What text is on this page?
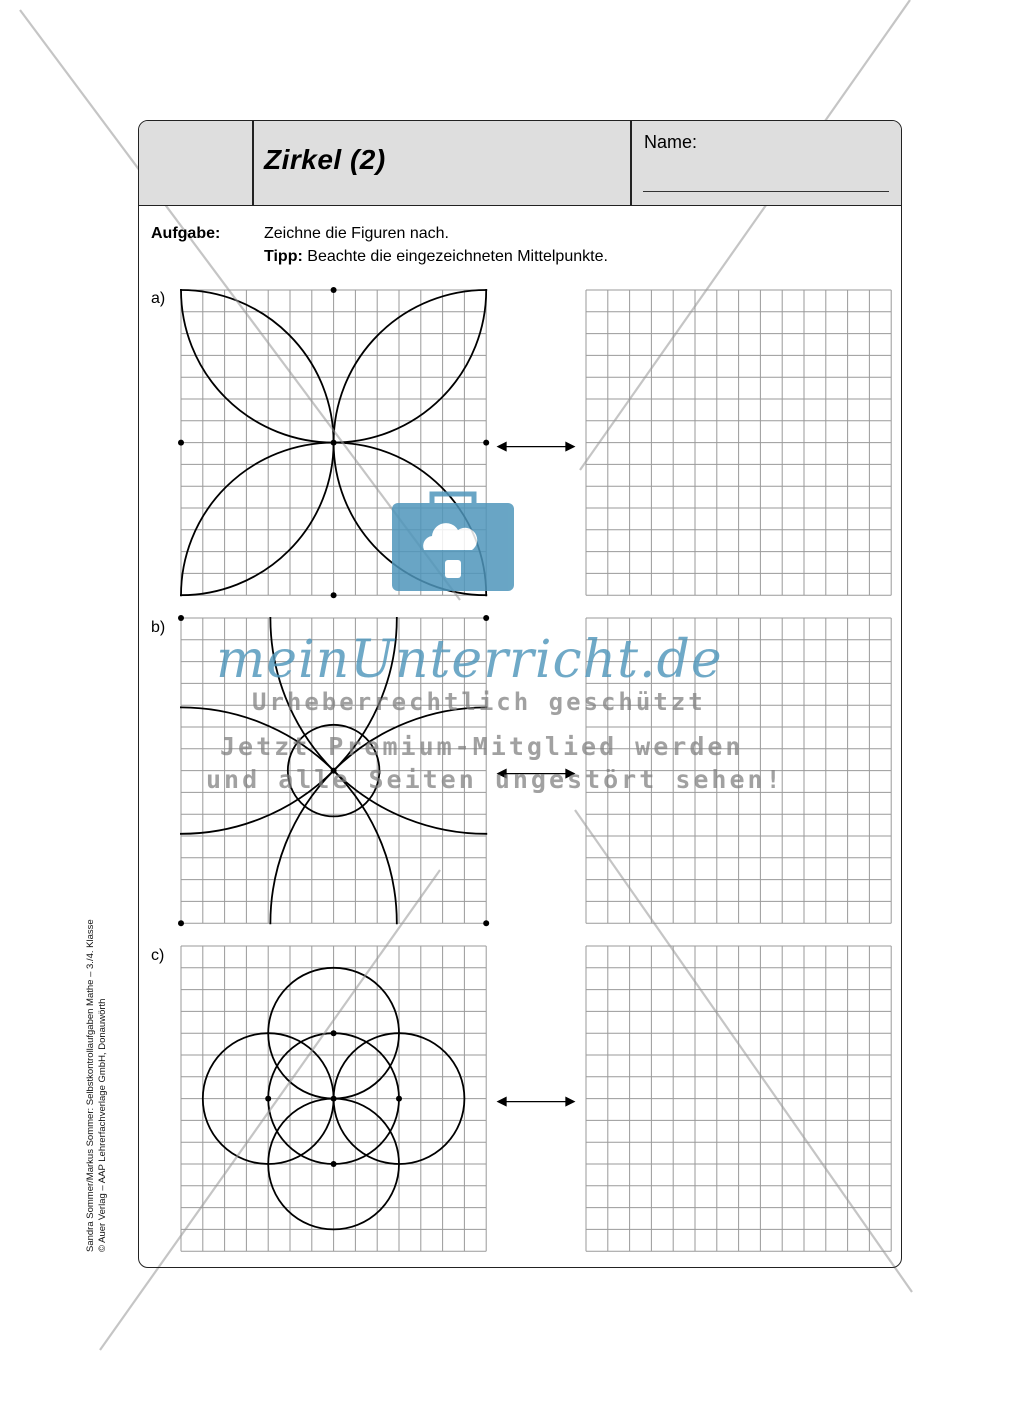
Zirkel (2)
Name:
Aufgabe:	Zeichne die Figuren nach.
Tipp: Beachte die eingezeichneten Mittelpunkte.
a)
b)
c)
Sandra Sommer/Markus Sommer: Selbstkontrollaufgaben Mathe – 3./4. Klasse © Auer Verlag – AAP Lehrerfachverlage GmbH, Donauwörth
meinUnterricht.de
Urheberrechtlich geschützt
Jetzt Premium-Mitglied werden
und alle Seiten ungestört sehen!
